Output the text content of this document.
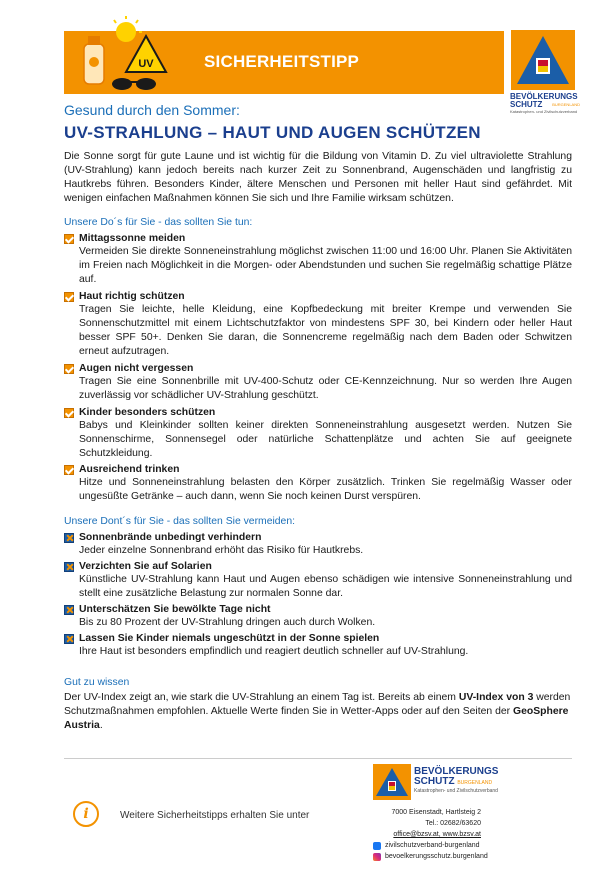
UV	SICHERHEITSTIPP
BEVÖLKERUNGS
SCHUTZ BURGENLAND
Katastrophen- und Zivilschutzverband
Gesund durch den Sommer:
UV-STRAHLUNG – HAUT UND AUGEN SCHÜTZEN
Die Sonne sorgt für gute Laune und ist wichtig für die Bildung von Vitamin D. Zu viel ultraviolette Strahlung (UV-Strahlung) kann jedoch bereits nach kurzer Zeit zu Sonnenbrand, Augenschäden und langfristig zu Hautkrebs führen. Besonders Kinder, ältere Menschen und Personen mit heller Haut sind gefährdet. Mit wenigen einfachen Maßnahmen können Sie sich und Ihre Familie wirksam schützen.
Unsere Do´s für Sie - das sollten Sie tun:
Mittagssonne meiden
Vermeiden Sie direkte Sonneneinstrahlung möglichst zwischen 11:00 und 16:00 Uhr. Planen Sie Aktivitäten im Freien nach Möglichkeit in die Morgen- oder Abendstunden und suchen Sie regelmäßig schattige Plätze auf.
Haut richtig schützen
Tragen Sie leichte, helle Kleidung, eine Kopfbedeckung mit breiter Krempe und verwenden Sie Sonnenschutzmittel mit einem Lichtschutzfaktor von mindestens SPF 30, bei Kindern oder heller Haut besser SPF 50+. Denken Sie daran, die Sonnencreme regelmäßig nach dem Baden oder Schwitzen erneut aufzutragen.
Augen nicht vergessen
Tragen Sie eine Sonnenbrille mit UV-400-Schutz oder CE-Kennzeichnung. Nur so werden Ihre Augen zuverlässig vor schädlicher UV-Strahlung geschützt.
Kinder besonders schützen
Babys und Kleinkinder sollten keiner direkten Sonneneinstrahlung ausgesetzt werden. Nutzen Sie Sonnenschirme, Sonnensegel oder natürliche Schattenplätze und achten Sie auf geeignete Schutzkleidung.
Ausreichend trinken
Hitze und Sonneneinstrahlung belasten den Körper zusätzlich. Trinken Sie regelmäßig Wasser oder ungesüßte Getränke – auch dann, wenn Sie noch keinen Durst verspüren.
Unsere Dont´s für Sie - das sollten Sie vermeiden:
Sonnenbrände unbedingt verhindern
Jeder einzelne Sonnenbrand erhöht das Risiko für Hautkrebs.
Verzichten Sie auf Solarien
Künstliche UV-Strahlung kann Haut und Augen ebenso schädigen wie intensive Sonneneinstrahlung und stellt eine zusätzliche Belastung zur normalen Sonne dar.
Unterschätzen Sie bewölkte Tage nicht
Bis zu 80 Prozent der UV-Strahlung dringen auch durch Wolken.
Lassen Sie Kinder niemals ungeschützt in der Sonne spielen
Ihre Haut ist besonders empfindlich und reagiert deutlich schneller auf UV-Strahlung.
Gut zu wissen
Der UV-Index zeigt an, wie stark die UV-Strahlung an einem Tag ist. Bereits ab einem UV-Index von 3 werden Schutzmaßnahmen empfohlen. Aktuelle Werte finden Sie in Wetter-Apps oder auf den Seiten der GeoSphere Austria.
i	Weitere Sicherheitstipps erhalten Sie unter
BEVÖLKERUNGS
SCHUTZ BURGENLAND
Katastrophen- und Zivilschutzverband
7000 Eisenstadt, Hartlsteig 2
Tel.: 02682/63620
office@bzsv.at, www.bzsv.at
zivilschutzverband-burgenland
bevoelkerungsschutz.burgenland
